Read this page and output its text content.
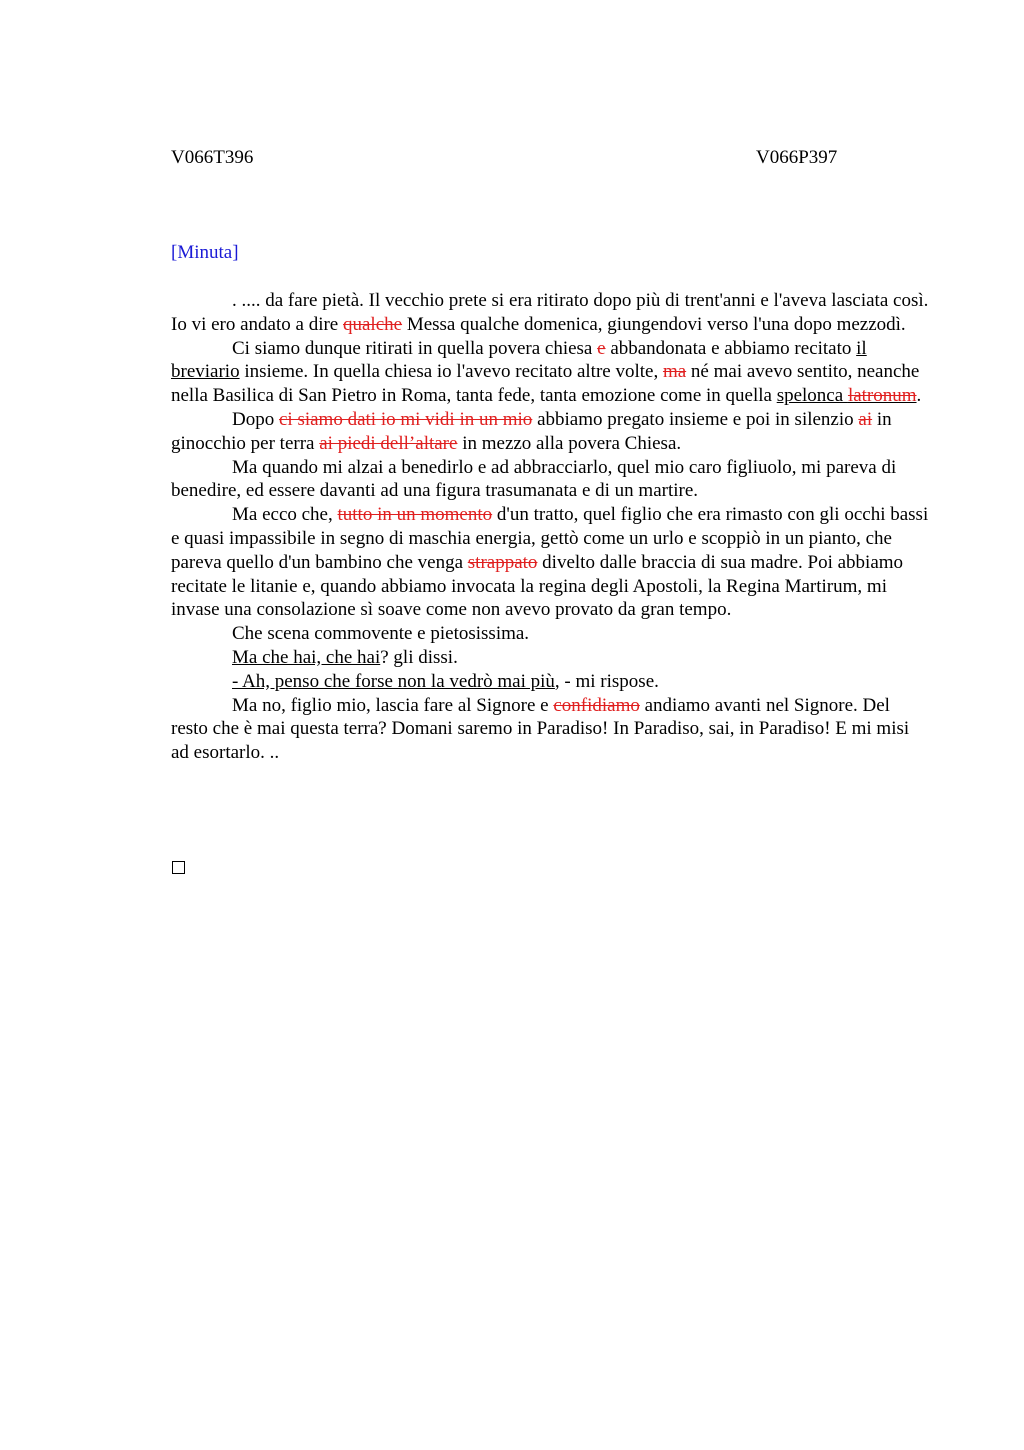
V066T396	V066P397
[Minuta]

. .... da fare pietà. Il vecchio prete si era ritirato dopo più di trent'anni e l'aveva lasciata così. Io vi ero andato a dire qualche Messa qualche domenica, giungendovi verso l'una dopo mezzodì.

Ci siamo dunque ritirati in quella povera chiesa e abbandonata e abbiamo recitato il breviario insieme. In quella chiesa io l'avevo recitato altre volte, ma né mai avevo sentito, neanche nella Basilica di San Pietro in Roma, tanta fede, tanta emozione come in quella spelonca latronum.

Dopo ci siamo dati io mi vidi in un mio abbiamo pregato insieme e poi in silenzio ai in ginocchio per terra ai piedi dell’altare in mezzo alla povera Chiesa.

Ma quando mi alzai a benedirlo e ad abbracciarlo, quel mio caro figliuolo, mi pareva di benedire, ed essere davanti ad una figura trasumanata e di un martire.

Ma ecco che, tutto in un momento d'un tratto, quel figlio che era rimasto con gli occhi bassi e quasi impassibile in segno di maschia energia, gettò come un urlo e scoppiò in un pianto, che pareva quello d'un bambino che venga strappato divelto dalle braccia di sua madre. Poi abbiamo recitate le litanie e, quando abbiamo invocata la regina degli Apostoli, la Regina Martirum, mi invase una consolazione sì soave come non avevo provato da gran tempo.

Che scena commovente e pietosissima.

Ma che hai, che hai? gli dissi.

- Ah, penso che forse non la vedrò mai più, - mi rispose.

Ma no, figlio mio, lascia fare al Signore e confidiamo andiamo avanti nel Signore. Del resto che è mai questa terra? Domani saremo in Paradiso! In Paradiso, sai, in Paradiso! E mi misi ad esortarlo. ..
